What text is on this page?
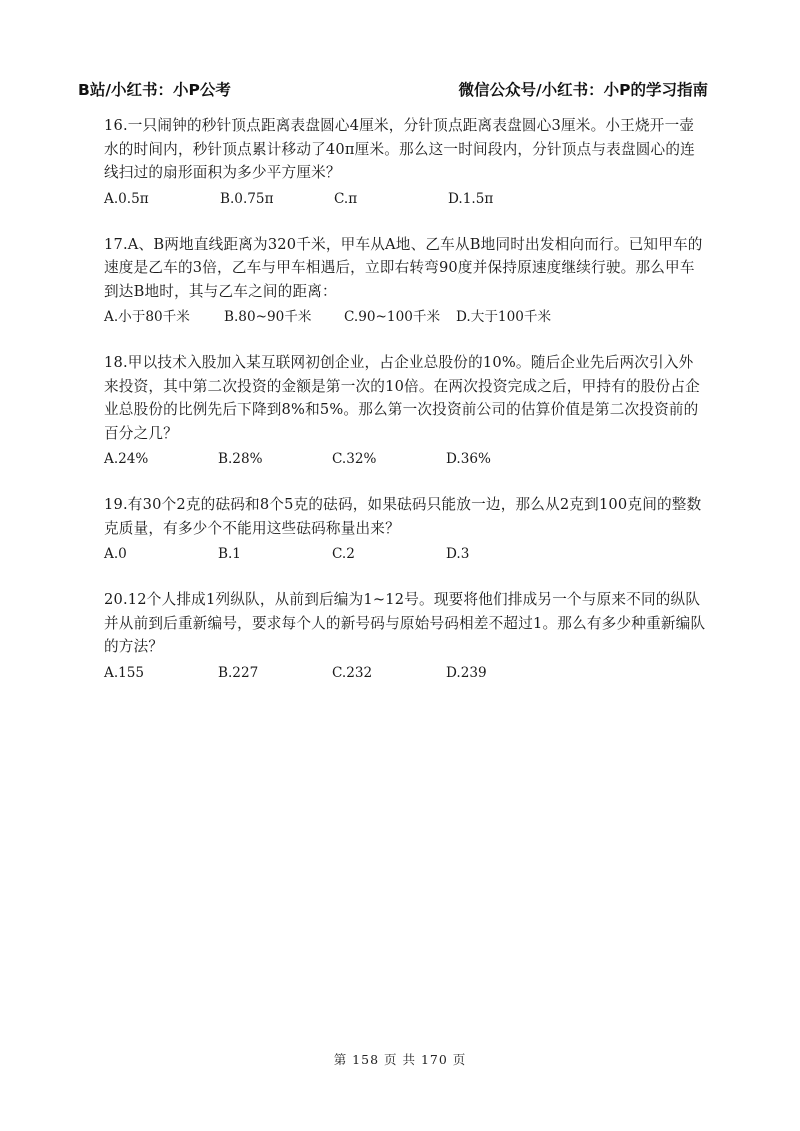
B站/小红书：小P公考	微信公众号/小红书：小P的学习指南

16.一只闹钟的秒针顶点距离表盘圆心4厘米，分针顶点距离表盘圆心3厘米。小王烧开一壶水的时间内，秒针顶点累计移动了40π厘米。那么这一时间段内，分针顶点与表盘圆心的连线扫过的扇形面积为多少平方厘米？

A.0.5π	B.0.75π	C.π	D.1.5π

17.A、B两地直线距离为320千米，甲车从A地、乙车从B地同时出发相向而行。已知甲车的速度是乙车的3倍，乙车与甲车相遇后，立即右转弯90度并保持原速度继续行驶。那么甲车到达B地时，其与乙车之间的距离：

A.小于80千米	B.80~90千米	C.90~100千米	D.大于100千米

18.甲以技术入股加入某互联网初创企业，占企业总股份的10%。随后企业先后两次引入外来投资，其中第二次投资的金额是第一次的10倍。在两次投资完成之后，甲持有的股份占企业总股份的比例先后下降到8%和5%。那么第一次投资前公司的估算价值是第二次投资前的百分之几？

A.24%	B.28%	C.32%	D.36%

19.有30个2克的砝码和8个5克的砝码，如果砝码只能放一边，那么从2克到100克间的整数克质量，有多少个不能用这些砝码称量出来？

A.0	B.1	C.2	D.3

20.12个人排成1列纵队，从前到后编为1~12号。现要将他们排成另一个与原来不同的纵队并从前到后重新编号，要求每个人的新号码与原始号码相差不超过1。那么有多少种重新编队的方法？

A.155	B.227	C.232	D.239
第 158 页 共 170 页
